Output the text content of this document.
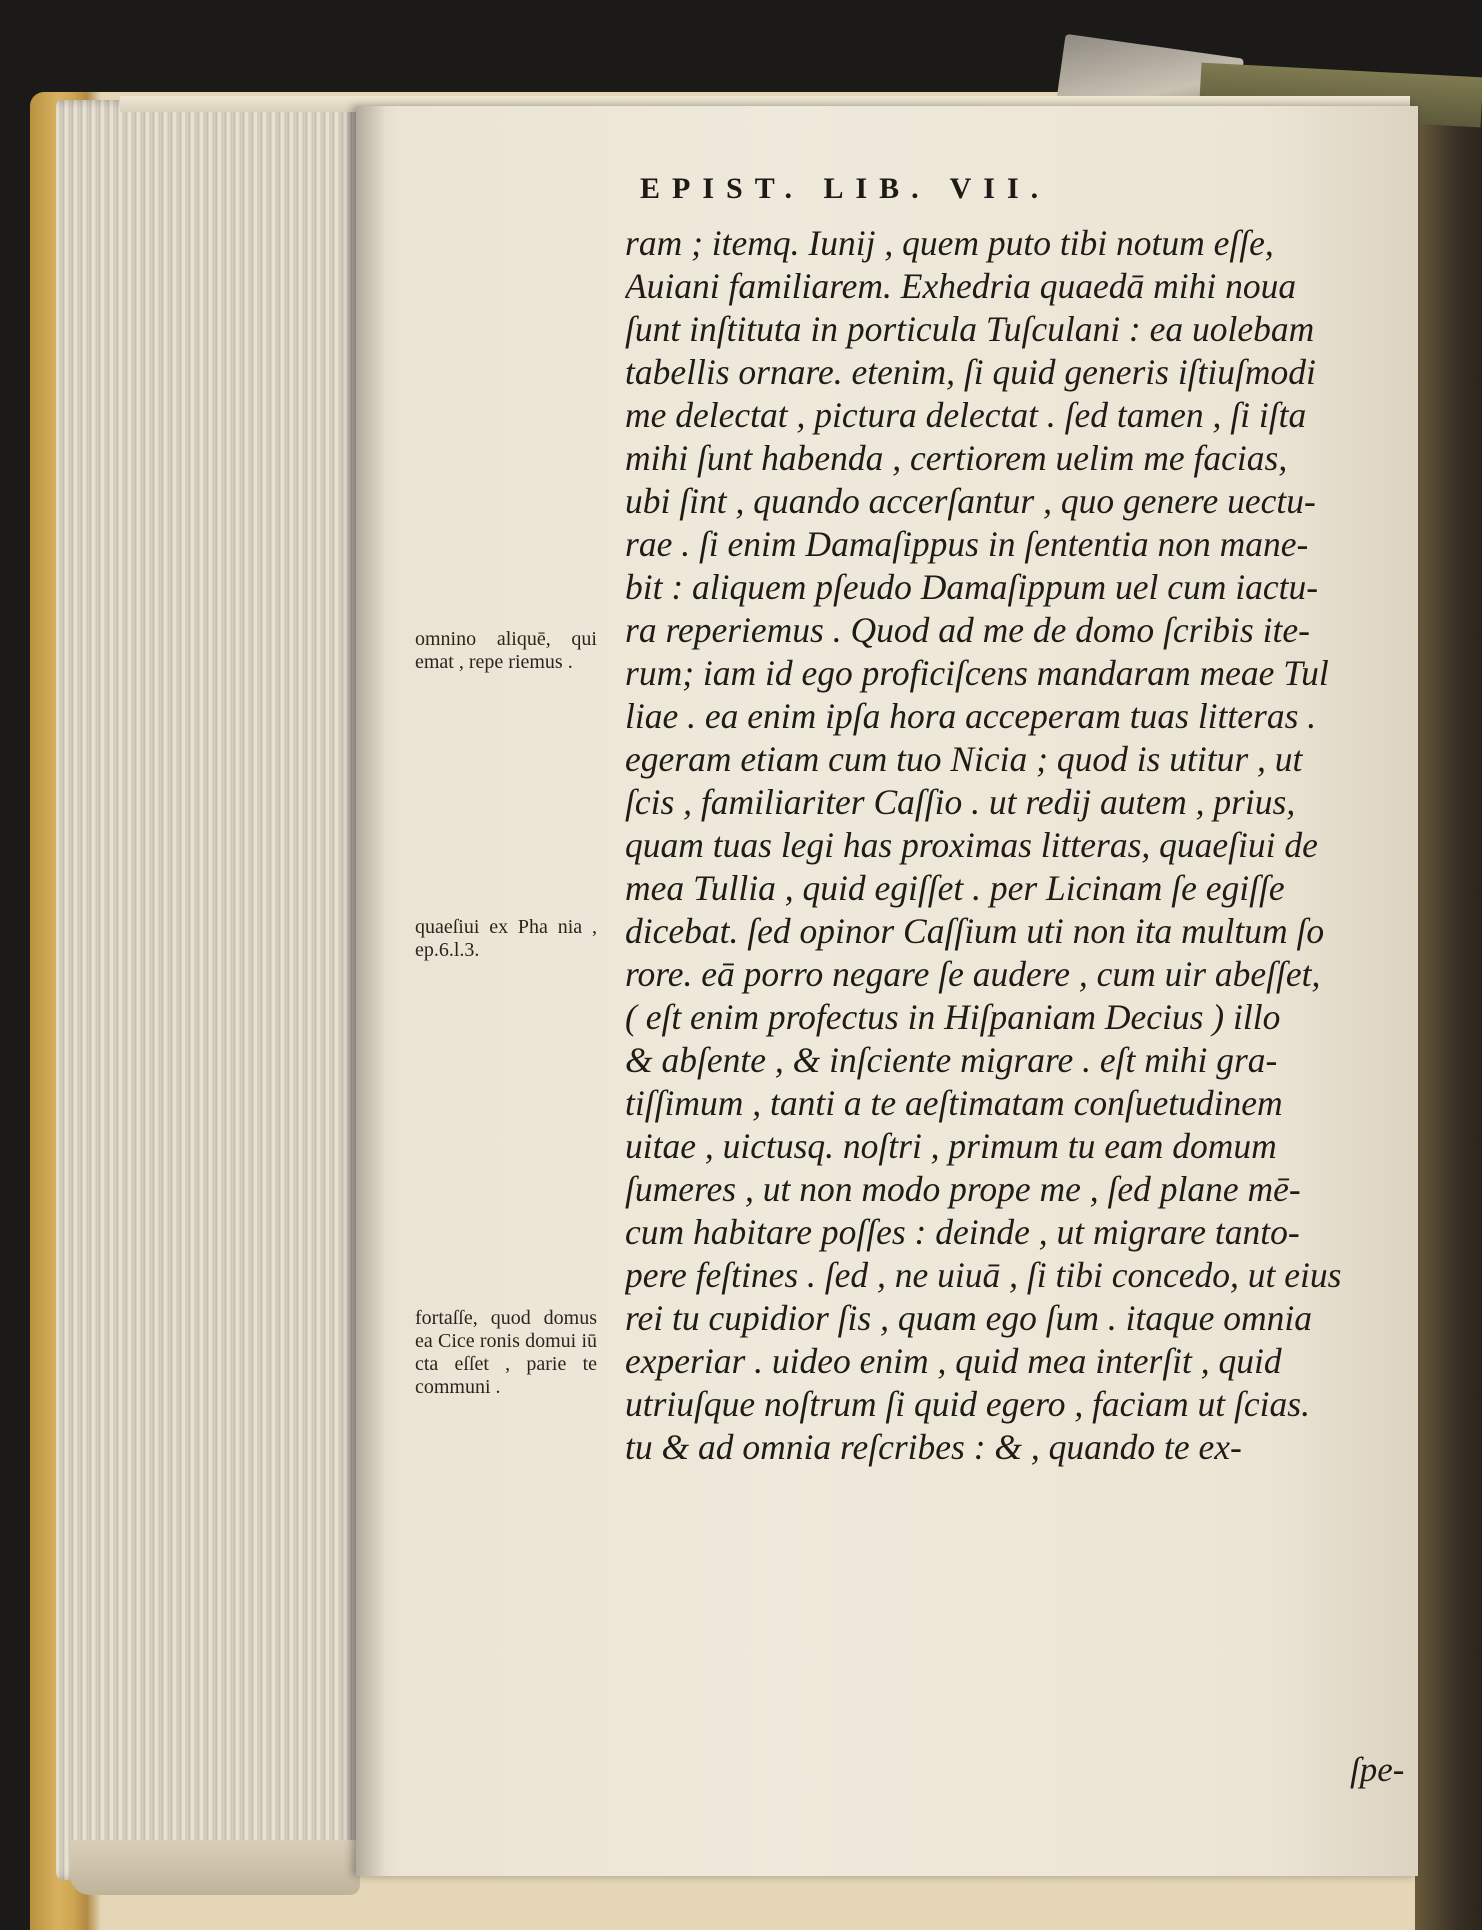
EPIST. LIB. VII.
ram ; itemq. Iunij , quem puto tibi notum eſſe,
Auiani familiarem. Exhedria quaedā mihi noua
ſunt inſtituta in porticula Tuſculani : ea uolebam
tabellis ornare. etenim, ſi quid generis iſtiuſmodi
me delectat , pictura delectat . ſed tamen , ſi iſta
mihi ſunt habenda , certiorem uelim me facias,
ubi ſint , quando accerſantur , quo genere uectu-
rae . ſi enim Damaſippus in ſententia non mane-
bit : aliquem pſeudo Damaſippum uel cum iactu-
ra reperiemus . Quod ad me de domo ſcribis ite-
rum; iam id ego proficiſcens mandaram meae Tul
liae . ea enim ipſa hora acceperam tuas litteras .
egeram etiam cum tuo Nicia ; quod is utitur , ut
ſcis , familiariter Caſſio . ut redij autem , prius,
quam tuas legi has proximas litteras, quaeſiui de
mea Tullia , quid egiſſet . per Licinam ſe egiſſe
dicebat. ſed opinor Caſſium uti non ita multum ſo
rore. eā porro negare ſe audere , cum uir abeſſet,
( eſt enim profectus in Hiſpaniam Decius ) illo
& abſente , & inſciente migrare . eſt mihi gra-
tiſſimum , tanti a te aeſtimatam conſuetudinem
uitae , uictusq. noſtri , primum tu eam domum
ſumeres , ut non modo prope me , ſed plane mē-
cum habitare poſſes : deinde , ut migrare tanto-
pere feſtines . ſed , ne uiuā , ſi tibi concedo, ut eius
rei tu cupidior ſis , quam ego ſum . itaque omnia
experiar . uideo enim , quid mea interſit , quid
utriuſque noſtrum ſi quid egero , faciam ut ſcias.
tu & ad omnia reſcribes : & , quando te ex-
ſpe-
omnino aliquē, qui emat , repe riemus .
quaeſiui ex Pha nia , ep.6.l.3.
fortaſſe, quod domus ea Cice ronis domui iū cta eſſet , parie te communi .
